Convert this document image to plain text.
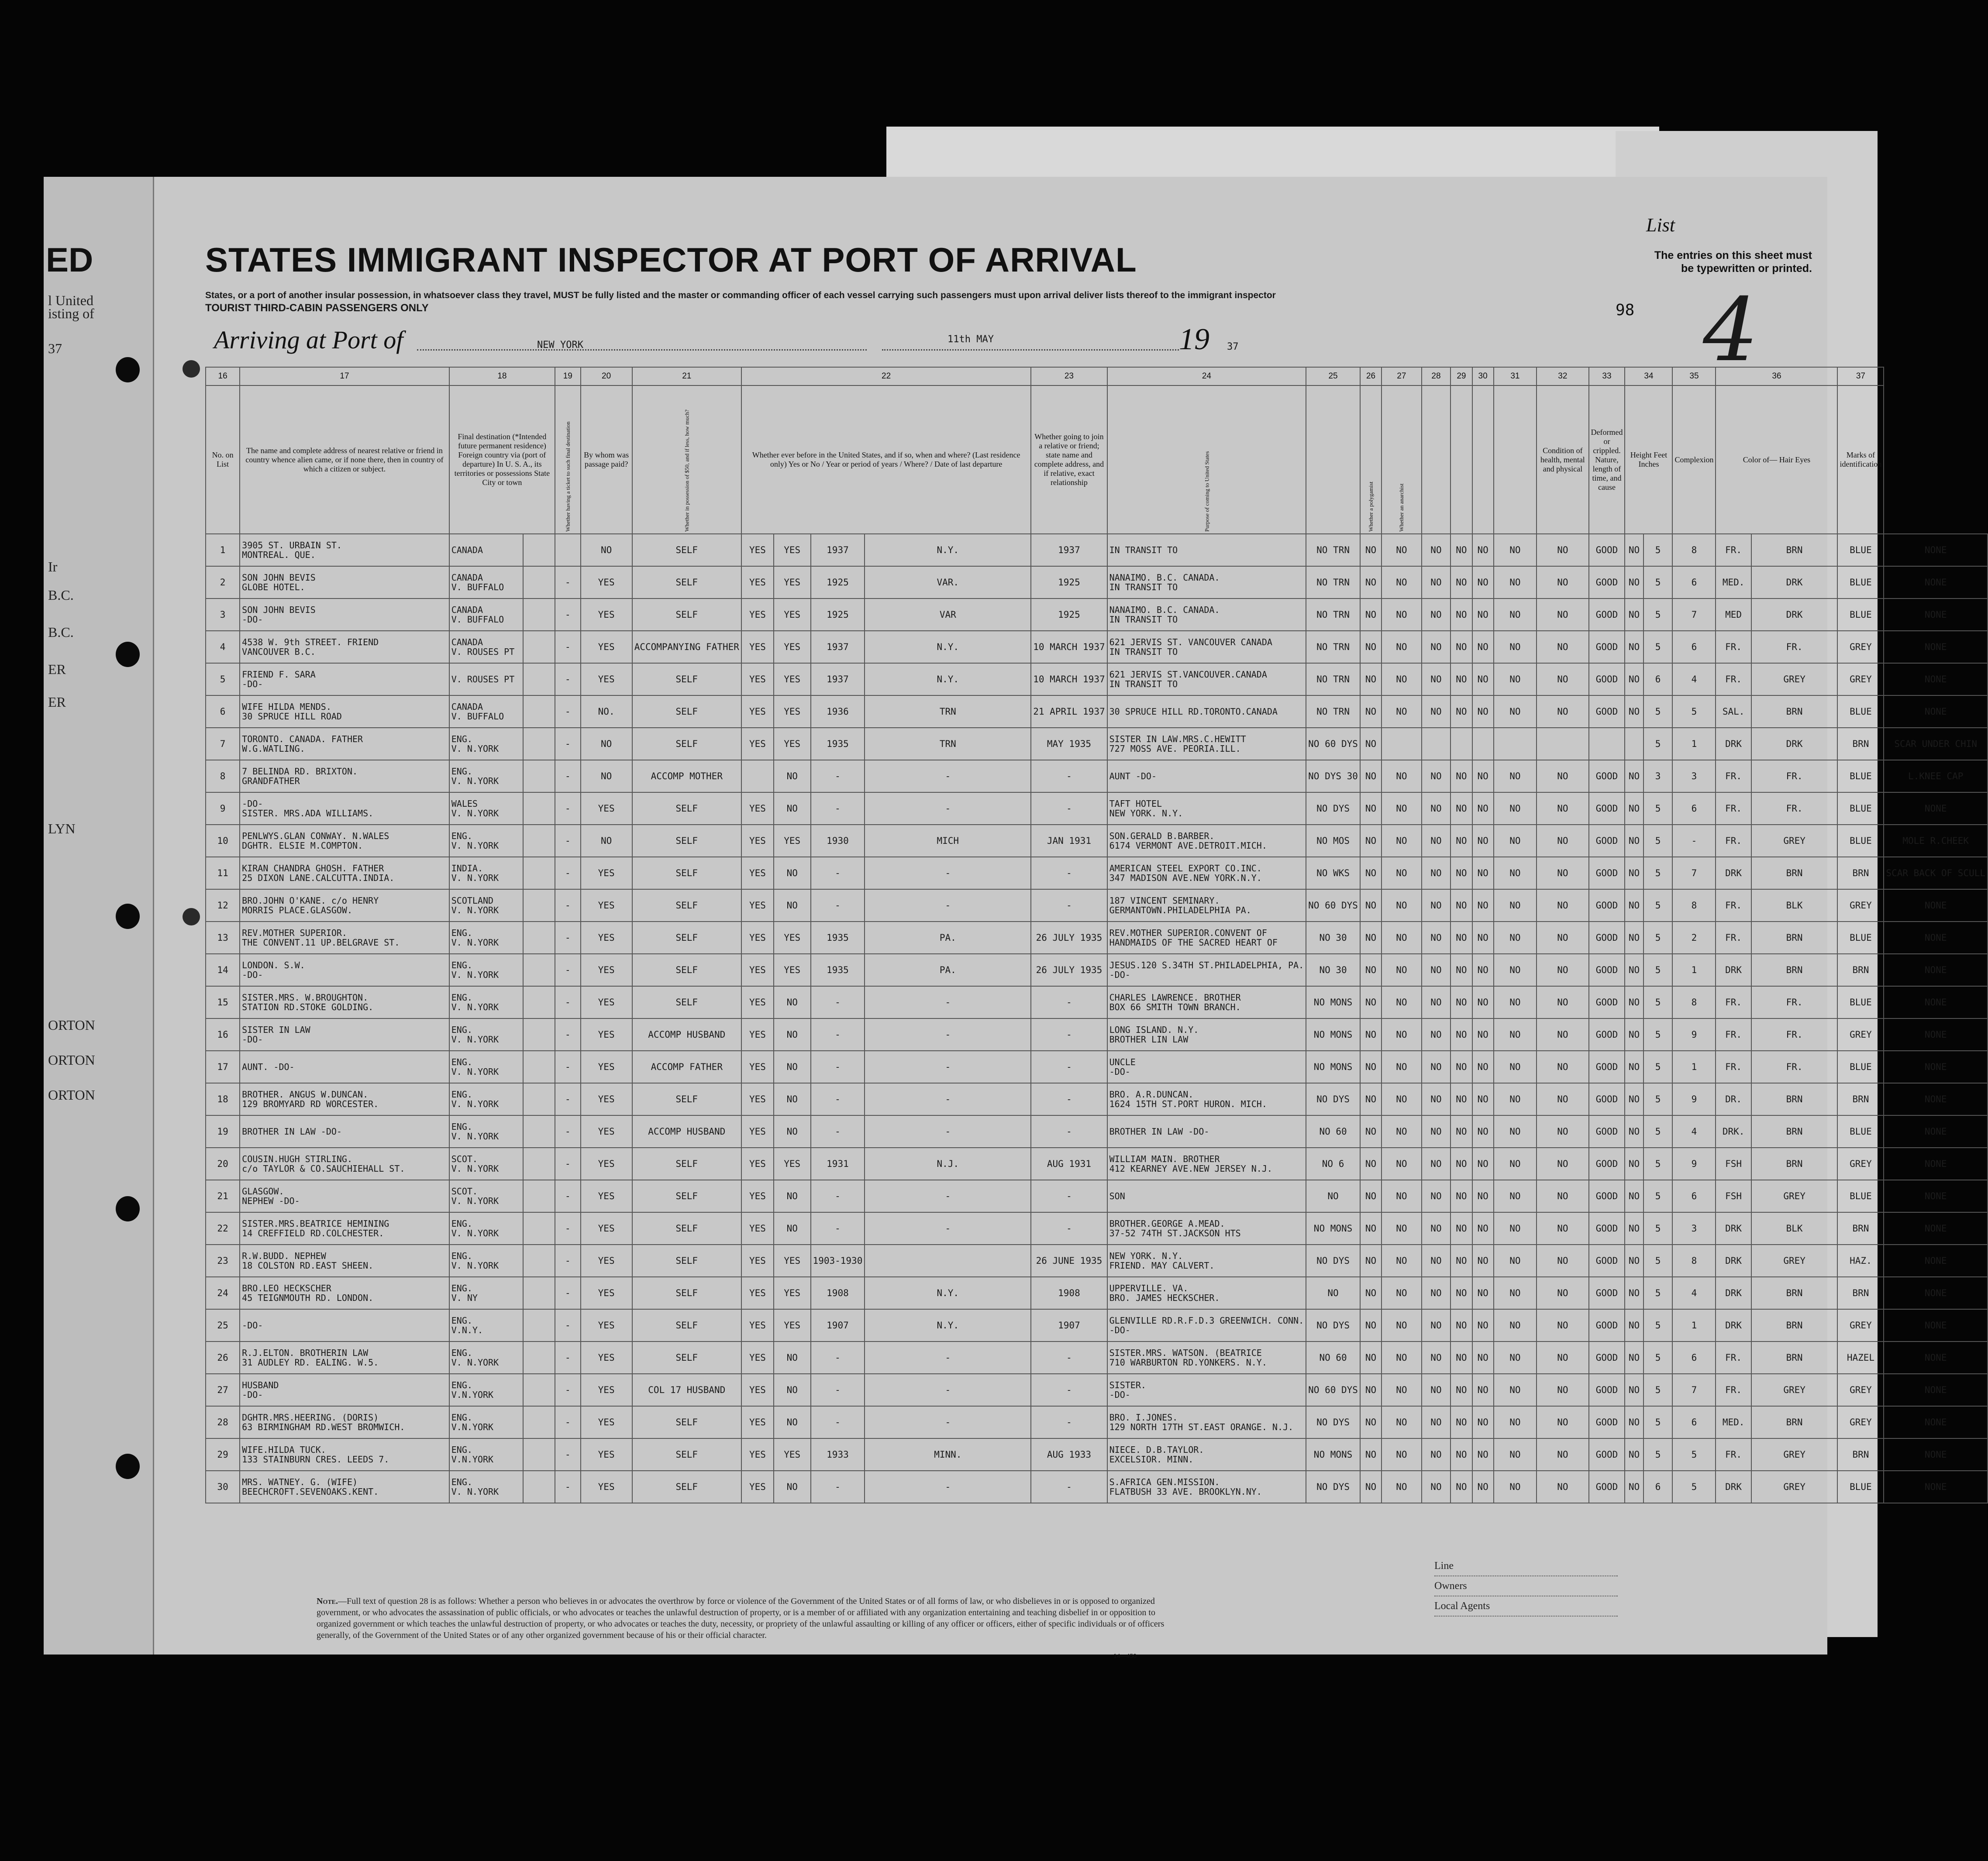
l United
isting of
37
Ir
B.C.
B.C.
ER
ER
LYN
ORTON
ORTON
ORTON
ED	STATES IMMIGRANT INSPECTOR AT PORT OF ARRIVAL
States, or a port of another insular possession, in whatsoever class they travel, MUST be fully listed and the master or commanding officer of each vessel carrying such passengers must upon arrival deliver lists thereof to the immigrant inspector
TOURIST THIRD-CABIN PASSENGERS ONLY
Arriving at Port of	NEW YORK
11th MAY	19 37
List
The entries on this sheet must
be typewritten or printed.
98 4
16	17	18		19	20	21	22				23	24	25	26	27	28	29	30	31	32	33	34		35	36		37	
No. on List	The name and complete address of nearest relative or friend in country whence alien came, or if none there, then in country of which a citizen or subject.	Final destination (*Intended future permanent residence) Foreign country via (port of departure) In U. S. A., its territories or possessions State City or town		Whether having a ticket to such final destination	By whom was passage paid?	Whether in possession of $50, and if less, how much?	Whether ever before in the United States, and if so, when and where? (Last residence only) Yes or No / Year or period of years / Where? / Date of last departure				Whether going to join a relative or friend; state name and complete address, and if relative, exact relationship	Purpose of coming to United States		Whether a polygamist	Whether an anarchist					Condition of health, mental and physical	Deformed or crippled. Nature, length of time, and cause	Height Feet Inches		Complexion	Color of— Hair Eyes		Marks of identification	
1	3905 ST. URBAIN ST.
MONTREAL. QUE.	CANADA			NO	SELF	YES	YES	1937	N.Y.	1937	IN TRANSIT TO	NO TRN	NO	NO	NO	NO	NO	NO	NO	GOOD	NO	5	8	FR.	BRN	BLUE	NONE
2	SON JOHN BEVIS
GLOBE HOTEL.	CANADA
V. BUFFALO		-	YES	SELF	YES	YES	1925	VAR.	1925	NANAIMO. B.C. CANADA.
IN TRANSIT TO	NO TRN	NO	NO	NO	NO	NO	NO	NO	GOOD	NO	5	6	MED.	DRK	BLUE	NONE
3	SON JOHN BEVIS
-DO-	CANADA
V. BUFFALO		-	YES	SELF	YES	YES	1925	VAR	1925	NANAIMO. B.C. CANADA.
IN TRANSIT TO	NO TRN	NO	NO	NO	NO	NO	NO	NO	GOOD	NO	5	7	MED	DRK	BLUE	NONE
4	4538 W. 9th STREET. FRIEND
VANCOUVER B.C.	CANADA
V. ROUSES PT		-	YES	ACCOMPANYING FATHER	YES	YES	1937	N.Y.	10 MARCH 1937	621 JERVIS ST. VANCOUVER CANADA
IN TRANSIT TO	NO TRN	NO	NO	NO	NO	NO	NO	NO	GOOD	NO	5	6	FR.	FR.	GREY	NONE
5	FRIEND F. SARA
-DO-	V. ROUSES PT		-	YES	SELF	YES	YES	1937	N.Y.	10 MARCH 1937	621 JERVIS ST.VANCOUVER.CANADA
IN TRANSIT TO	NO TRN	NO	NO	NO	NO	NO	NO	NO	GOOD	NO	6	4	FR.	GREY	GREY	NONE
6	WIFE HILDA MENDS.
30 SPRUCE HILL ROAD	CANADA
V. BUFFALO		-	NO.	SELF	YES	YES	1936	TRN	21 APRIL 1937	30 SPRUCE HILL RD.TORONTO.CANADA	NO TRN	NO	NO	NO	NO	NO	NO	NO	GOOD	NO	5	5	SAL.	BRN	BLUE	NONE
7	TORONTO. CANADA. FATHER
W.G.WATLING.	ENG.
V. N.YORK		-	NO	SELF	YES	YES	1935	TRN	MAY 1935	SISTER IN LAW.MRS.C.HEWITT
727 MOSS AVE. PEORIA.ILL.	NO 60 DYS	NO									5	1	DRK	DRK	BRN	SCAR UNDER CHIN
8	7 BELINDA RD. BRIXTON.
GRANDFATHER	ENG.
V. N.YORK		-	NO	ACCOMP MOTHER		NO	-	-	-	AUNT -DO-	NO DYS 30	NO	NO	NO	NO	NO	NO	NO	GOOD	NO	3	3	FR.	FR.	BLUE	L.KNEE CAP
9	-DO-
SISTER. MRS.ADA WILLIAMS.	WALES
V. N.YORK		-	YES	SELF	YES	NO	-	-	-	TAFT HOTEL
NEW YORK. N.Y.	NO DYS	NO	NO	NO	NO	NO	NO	NO	GOOD	NO	5	6	FR.	FR.	BLUE	NONE
10	PENLWYS.GLAN CONWAY. N.WALES
DGHTR. ELSIE M.COMPTON.	ENG.
V. N.YORK		-	NO	SELF	YES	YES	1930	MICH	JAN 1931	SON.GERALD B.BARBER.
6174 VERMONT AVE.DETROIT.MICH.	NO MOS	NO	NO	NO	NO	NO	NO	NO	GOOD	NO	5	-	FR.	GREY	BLUE	MOLE R.CHEEK
11	KIRAN CHANDRA GHOSH. FATHER
25 DIXON LANE.CALCUTTA.INDIA.	INDIA.
V. N.YORK		-	YES	SELF	YES	NO	-	-	-	AMERICAN STEEL EXPORT CO.INC.
347 MADISON AVE.NEW YORK.N.Y.	NO WKS	NO	NO	NO	NO	NO	NO	NO	GOOD	NO	5	7	DRK	BRN	BRN	SCAR BACK OF SCULL
12	BRO.JOHN O'KANE. c/o HENRY
MORRIS PLACE.GLASGOW.	SCOTLAND
V. N.YORK		-	YES	SELF	YES	NO	-	-	-	187 VINCENT SEMINARY.
GERMANTOWN.PHILADELPHIA PA.	NO 60 DYS	NO	NO	NO	NO	NO	NO	NO	GOOD	NO	5	8	FR.	BLK	GREY	NONE
13	REV.MOTHER SUPERIOR.
THE CONVENT.11 UP.BELGRAVE ST.	ENG.
V. N.YORK		-	YES	SELF	YES	YES	1935	PA.	26 JULY 1935	REV.MOTHER SUPERIOR.CONVENT OF
HANDMAIDS OF THE SACRED HEART OF	NO 30	NO	NO	NO	NO	NO	NO	NO	GOOD	NO	5	2	FR.	BRN	BLUE	NONE
14	LONDON. S.W.
-DO-	ENG.
V. N.YORK		-	YES	SELF	YES	YES	1935	PA.	26 JULY 1935	JESUS.120 S.34TH ST.PHILADELPHIA, PA.
-DO-	NO 30	NO	NO	NO	NO	NO	NO	NO	GOOD	NO	5	1	DRK	BRN	BRN	NONE
15	SISTER.MRS. W.BROUGHTON.
STATION RD.STOKE GOLDING.	ENG.
V. N.YORK		-	YES	SELF	YES	NO	-	-	-	CHARLES LAWRENCE. BROTHER
BOX 66 SMITH TOWN BRANCH.	NO MONS	NO	NO	NO	NO	NO	NO	NO	GOOD	NO	5	8	FR.	FR.	BLUE	NONE
16	SISTER IN LAW
-DO-	ENG.
V. N.YORK		-	YES	ACCOMP HUSBAND	YES	NO	-	-	-	LONG ISLAND. N.Y.
BROTHER LIN LAW	NO MONS	NO	NO	NO	NO	NO	NO	NO	GOOD	NO	5	9	FR.	FR.	GREY	NONE
17	AUNT. -DO-	ENG.
V. N.YORK		-	YES	ACCOMP FATHER	YES	NO	-	-	-	UNCLE
-DO-	NO MONS	NO	NO	NO	NO	NO	NO	NO	GOOD	NO	5	1	FR.	FR.	BLUE	NONE
18	BROTHER. ANGUS W.DUNCAN.
129 BROMYARD RD WORCESTER.	ENG.
V. N.YORK		-	YES	SELF	YES	NO	-	-	-	BRO. A.R.DUNCAN.
1624 15TH ST.PORT HURON. MICH.	NO DYS	NO	NO	NO	NO	NO	NO	NO	GOOD	NO	5	9	DR.	BRN	BRN	NONE
19	BROTHER IN LAW -DO-	ENG.
V. N.YORK		-	YES	ACCOMP HUSBAND	YES	NO	-	-	-	BROTHER IN LAW -DO-	NO 60	NO	NO	NO	NO	NO	NO	NO	GOOD	NO	5	4	DRK.	BRN	BLUE	NONE
20	COUSIN.HUGH STIRLING.
c/o TAYLOR & CO.SAUCHIEHALL ST.	SCOT.
V. N.YORK		-	YES	SELF	YES	YES	1931	N.J.	AUG 1931	WILLIAM MAIN. BROTHER
412 KEARNEY AVE.NEW JERSEY N.J.	NO 6	NO	NO	NO	NO	NO	NO	NO	GOOD	NO	5	9	FSH	BRN	GREY	NONE
21	GLASGOW.
NEPHEW -DO-	SCOT.
V. N.YORK		-	YES	SELF	YES	NO	-	-	-	SON	NO	NO	NO	NO	NO	NO	NO	NO	GOOD	NO	5	6	FSH	GREY	BLUE	NONE
22	SISTER.MRS.BEATRICE HEMINING
14 CREFFIELD RD.COLCHESTER.	ENG.
V. N.YORK		-	YES	SELF	YES	NO	-	-	-	BROTHER.GEORGE A.MEAD.
37-52 74TH ST.JACKSON HTS	NO MONS	NO	NO	NO	NO	NO	NO	NO	GOOD	NO	5	3	DRK	BLK	BRN	NONE
23	R.W.BUDD. NEPHEW
18 COLSTON RD.EAST SHEEN.	ENG.
V. N.YORK		-	YES	SELF	YES	YES	1903-1930		26 JUNE 1935	NEW YORK. N.Y.
FRIEND. MAY CALVERT.	NO DYS	NO	NO	NO	NO	NO	NO	NO	GOOD	NO	5	8	DRK	GREY	HAZ.	NONE
24	BRO.LEO HECKSCHER
45 TEIGNMOUTH RD. LONDON.	ENG.
V. NY		-	YES	SELF	YES	YES	1908	N.Y.	1908	UPPERVILLE. VA.
BRO. JAMES HECKSCHER.	NO	NO	NO	NO	NO	NO	NO	NO	GOOD	NO	5	4	DRK	BRN	BRN	NONE
25	-DO-	ENG.
V.N.Y.		-	YES	SELF	YES	YES	1907	N.Y.	1907	GLENVILLE RD.R.F.D.3 GREENWICH. CONN.
-DO-	NO DYS	NO	NO	NO	NO	NO	NO	NO	GOOD	NO	5	1	DRK	BRN	GREY	NONE
26	R.J.ELTON. BROTHERIN LAW
31 AUDLEY RD. EALING. W.5.	ENG.
V. N.YORK		-	YES	SELF	YES	NO	-	-	-	SISTER.MRS. WATSON. (BEATRICE
710 WARBURTON RD.YONKERS. N.Y.	NO 60	NO	NO	NO	NO	NO	NO	NO	GOOD	NO	5	6	FR.	BRN	HAZEL	NONE
27	HUSBAND
-DO-	ENG.
V.N.YORK		-	YES	COL 17 HUSBAND	YES	NO	-	-	-	SISTER.
-DO-	NO 60 DYS	NO	NO	NO	NO	NO	NO	NO	GOOD	NO	5	7	FR.	GREY	GREY	NONE
28	DGHTR.MRS.HEERING. (DORIS)
63 BIRMINGHAM RD.WEST BROMWICH.	ENG.
V.N.YORK		-	YES	SELF	YES	NO	-	-	-	BRO. I.JONES.
129 NORTH 17TH ST.EAST ORANGE. N.J.	NO DYS	NO	NO	NO	NO	NO	NO	NO	GOOD	NO	5	6	MED.	BRN	GREY	NONE
29	WIFE.HILDA TUCK.
133 STAINBURN CRES. LEEDS 7.	ENG.
V.N.YORK		-	YES	SELF	YES	YES	1933	MINN.	AUG 1933	NIECE. D.B.TAYLOR.
EXCELSIOR. MINN.	NO MONS	NO	NO	NO	NO	NO	NO	NO	GOOD	NO	5	5	FR.	GREY	BRN	NONE
30	MRS. WATNEY. G. (WIFE)
BEECHCROFT.SEVENOAKS.KENT.	ENG.
V. N.YORK		-	YES	SELF	YES	NO	-	-	-	S.AFRICA GEN.MISSION.
FLATBUSH 33 AVE. BROOKLYN.NY.	NO DYS	NO	NO	NO	NO	NO	NO	NO	GOOD	NO	6	5	DRK	GREY	BLUE	NONE
Note.—Full text of question 28 is as follows: Whether a person who believes in or advocates the overthrow by force or violence of the Government of the United States or of all forms of law, or who disbelieves in or is opposed to organized government, or who advocates the assassination of public officials, or who advocates or teaches the unlawful destruction of property, or is a member of or affiliated with any organization entertaining and teaching disbelief in or opposition to organized government or which teaches the unlawful destruction of property, or who advocates or teaches the duty, necessity, or propriety of the unlawful assaulting or killing of any officer or officers, either of specific individuals or of officers generally, of the Government of the United States or of any other organized government because of his or their official character.
Line
Owners
Local Agents
14—450
